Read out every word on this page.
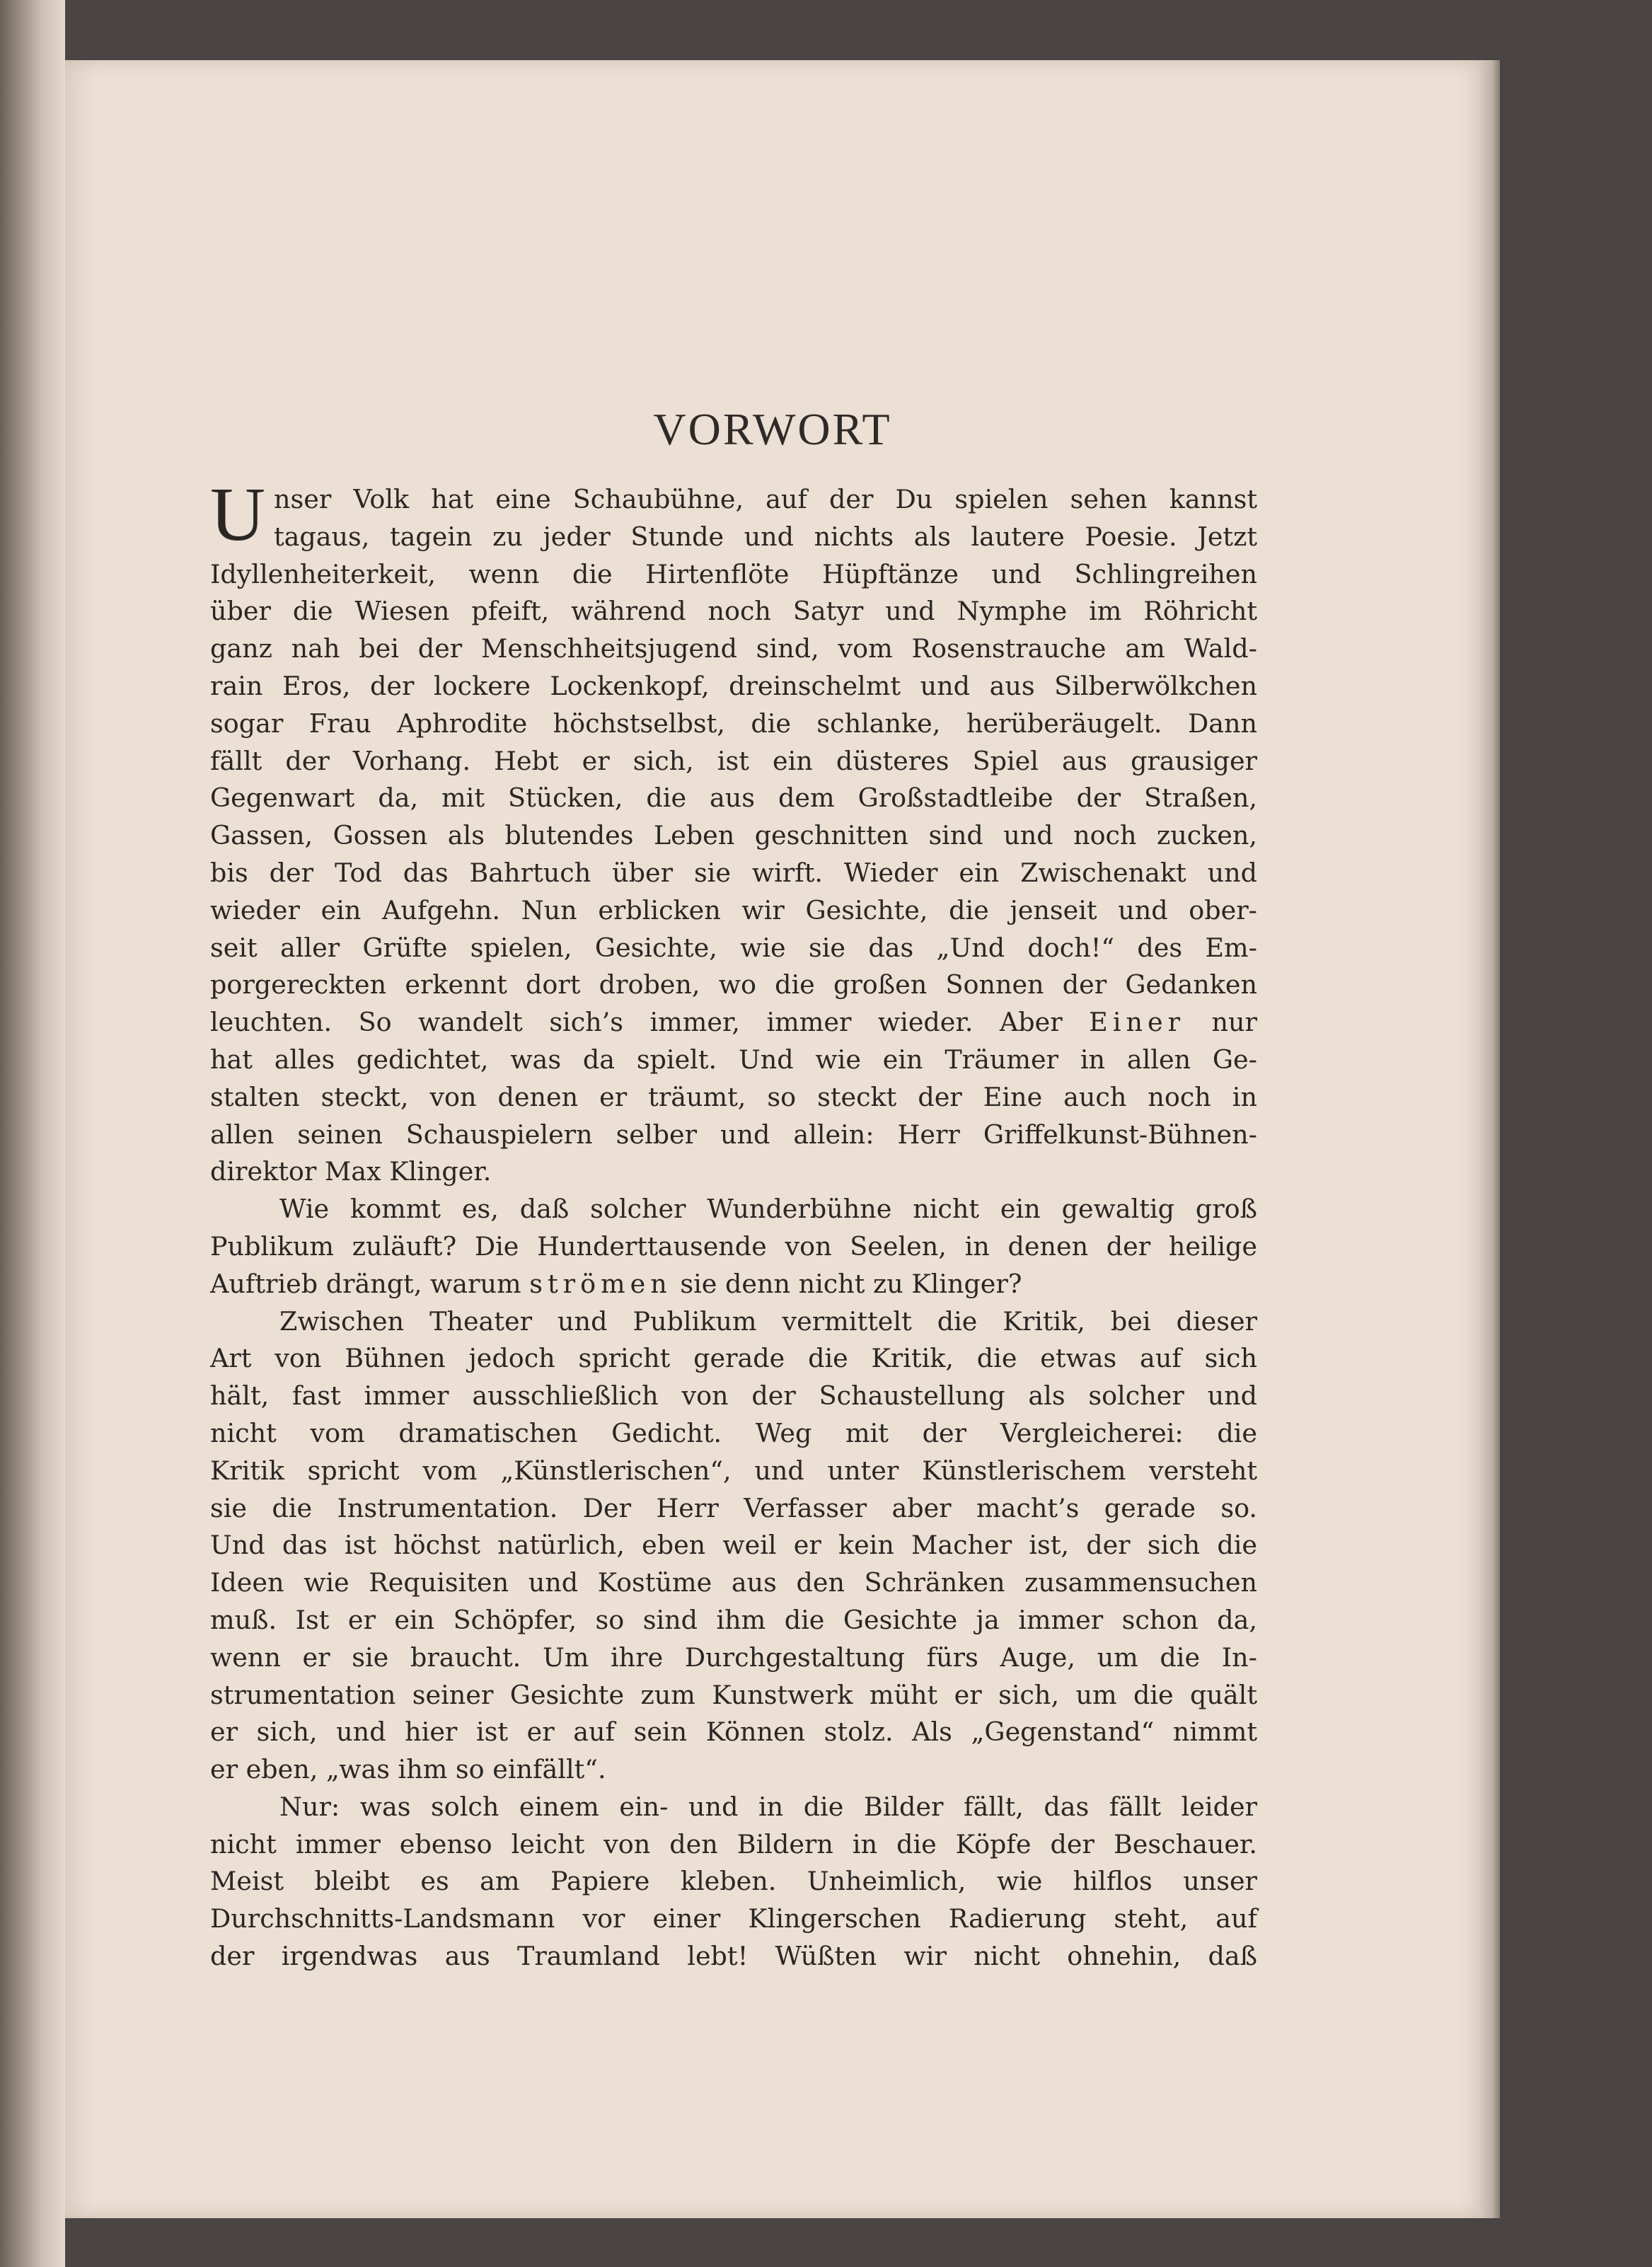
VORWORT
U nser Volk hat eine Schaubühne, auf der Du spielen sehen kannst

tagaus, tagein zu jeder Stunde und nichts als lautere Poesie. Jetzt

Idyllenheiterkeit, wenn die Hirtenflöte Hüpftänze und Schlingreihen

über die Wiesen pfeift, während noch Satyr und Nymphe im Röhricht

ganz nah bei der Menschheitsjugend sind, vom Rosenstrauche am Wald-

rain Eros, der lockere Lockenkopf, dreinschelmt und aus Silberwölkchen

sogar Frau Aphrodite höchstselbst, die schlanke, herüberäugelt. Dann

fällt der Vorhang. Hebt er sich, ist ein düsteres Spiel aus grausiger

Gegenwart da, mit Stücken, die aus dem Großstadtleibe der Straßen,

Gassen, Gossen als blutendes Leben geschnitten sind und noch zucken,

bis der Tod das Bahrtuch über sie wirft. Wieder ein Zwischenakt und

wieder ein Aufgehn. Nun erblicken wir Gesichte, die jenseit und ober-

seit aller Grüfte spielen, Gesichte, wie sie das „Und doch!“ des Em-

porgereckten erkennt dort droben, wo die großen Sonnen der Gedanken

leuchten. So wandelt sich’s immer, immer wieder. Aber Einer nur

hat alles gedichtet, was da spielt. Und wie ein Träumer in allen Ge-

stalten steckt, von denen er träumt, so steckt der Eine auch noch in

allen seinen Schauspielern selber und allein: Herr Griffelkunst-Bühnen-

direktor Max Klinger.

Wie kommt es, daß solcher Wunderbühne nicht ein gewaltig groß

Publikum zuläuft? Die Hunderttausende von Seelen, in denen der heilige

Auftrieb drängt, warum strömen sie denn nicht zu Klinger?

Zwischen Theater und Publikum vermittelt die Kritik, bei dieser

Art von Bühnen jedoch spricht gerade die Kritik, die etwas auf sich

hält, fast immer ausschließlich von der Schaustellung als solcher und

nicht vom dramatischen Gedicht. Weg mit der Vergleicherei: die

Kritik spricht vom „Künstlerischen“, und unter Künstlerischem versteht

sie die Instrumentation. Der Herr Verfasser aber macht’s gerade so.

Und das ist höchst natürlich, eben weil er kein Macher ist, der sich die

Ideen wie Requisiten und Kostüme aus den Schränken zusammensuchen

muß. Ist er ein Schöpfer, so sind ihm die Gesichte ja immer schon da,

wenn er sie braucht. Um ihre Durchgestaltung fürs Auge, um die In-

strumentation seiner Gesichte zum Kunstwerk müht er sich, um die quält

er sich, und hier ist er auf sein Können stolz. Als „Gegenstand“ nimmt

er eben, „was ihm so einfällt“.

Nur: was solch einem ein- und in die Bilder fällt, das fällt leider

nicht immer ebenso leicht von den Bildern in die Köpfe der Beschauer.

Meist bleibt es am Papiere kleben. Unheimlich, wie hilflos unser

Durchschnitts-Landsmann vor einer Klingerschen Radierung steht, auf

der irgendwas aus Traumland lebt! Wüßten wir nicht ohnehin, daß
